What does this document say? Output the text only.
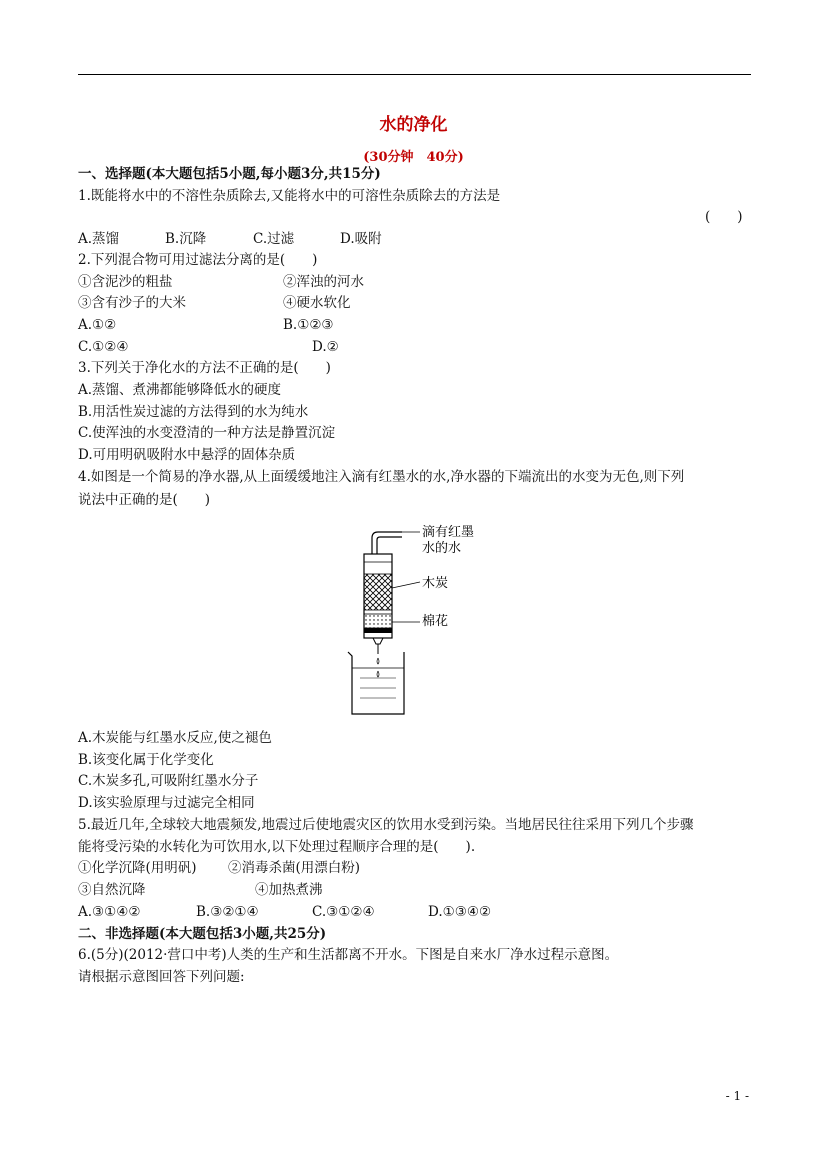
水的净化
(30分钟　40分)
一、选择题(本大题包括5小题,每小题3分,共15分)
1.既能将水中的不溶性杂质除去,又能将水中的可溶性杂质除去的方法是
(　　)
A.蒸馏	B.沉降	C.过滤	D.吸附
2.下列混合物可用过滤法分离的是(　　)
①含泥沙的粗盐	②浑浊的河水
③含有沙子的大米	④硬水软化
A.①②	B.①②③
C.①②④	D.②
3.下列关于净化水的方法不正确的是(　　)
A.蒸馏、煮沸都能够降低水的硬度
B.用活性炭过滤的方法得到的水为纯水
C.使浑浊的水变澄清的一种方法是静置沉淀
D.可用明矾吸附水中悬浮的固体杂质
4.如图是一个简易的净水器,从上面缓缓地注入滴有红墨水的水,净水器的下端流出的水变为无色,则下列
说法中正确的是(　　)
滴有红墨
水的水
木炭
棉花
A.木炭能与红墨水反应,使之褪色
B.该变化属于化学变化
C.木炭多孔,可吸附红墨水分子
D.该实验原理与过滤完全相同
5.最近几年,全球较大地震频发,地震过后使地震灾区的饮用水受到污染。当地居民往往采用下列几个步骤
能将受污染的水转化为可饮用水,以下处理过程顺序合理的是(　　).
①化学沉降(用明矾) ②消毒杀菌(用漂白粉)
③自然沉降	④加热煮沸
A.③①④②	B.③②①④	C.③①②④	D.①③④②
二、非选择题(本大题包括3小题,共25分)
6.(5分)(2012·营口中考)人类的生产和生活都离不开水。下图是自来水厂净水过程示意图。
请根据示意图回答下列问题:
- 1 -
